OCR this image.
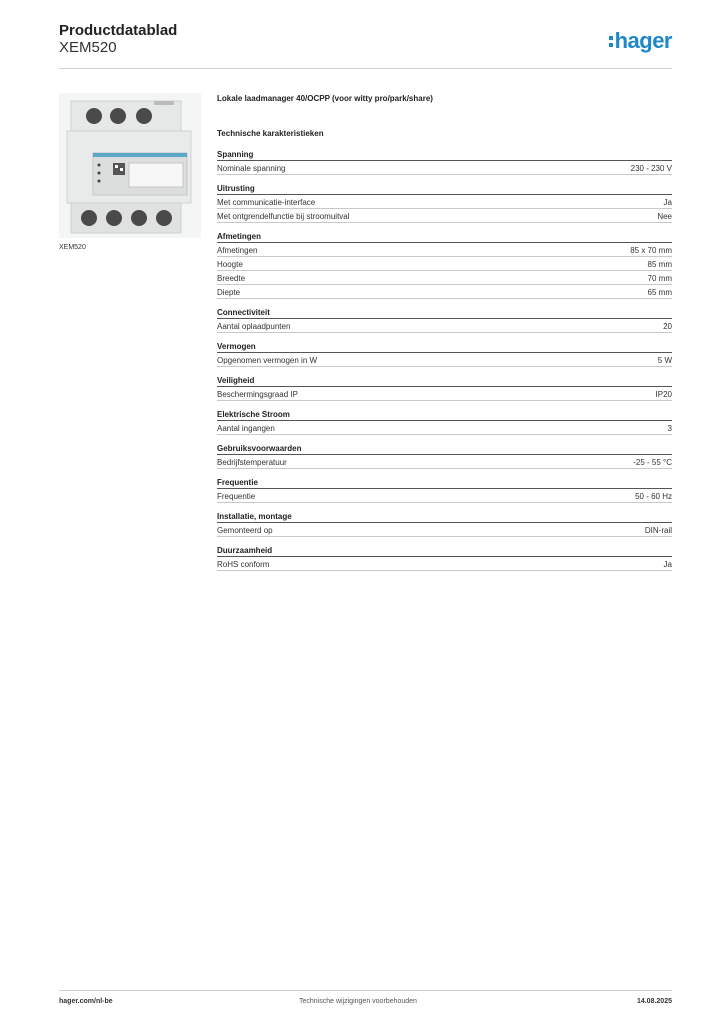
Productdatablad
XEM520	hager
XEM520
Lokale laadmanager 40/OCPP (voor witty pro/park/share)
Technische karakteristieken
Spanning
Nominale spanning	230 - 230 V
Uitrusting
Met communicatie-interface	Ja
Met ontgrendelfunctie bij stroomuitval	Nee
Afmetingen
Afmetingen	85 x 70 mm
Hoogte	85 mm
Breedte	70 mm
Diepte	65 mm
Connectiviteit
Aantal oplaadpunten	20
Vermogen
Opgenomen vermogen in W	5 W
Veiligheid
Beschermingsgraad IP	IP20
Elektrische Stroom
Aantal ingangen	3
Gebruiksvoorwaarden
Bedrijfstemperatuur	-25 - 55 °C
Frequentie
Frequentie	50 - 60 Hz
Installatie, montage
Gemonteerd op	DIN-rail
Duurzaamheid
RoHS conform	Ja
hager.com/nl-be	Technische wijzigingen voorbehouden	14.08.2025
